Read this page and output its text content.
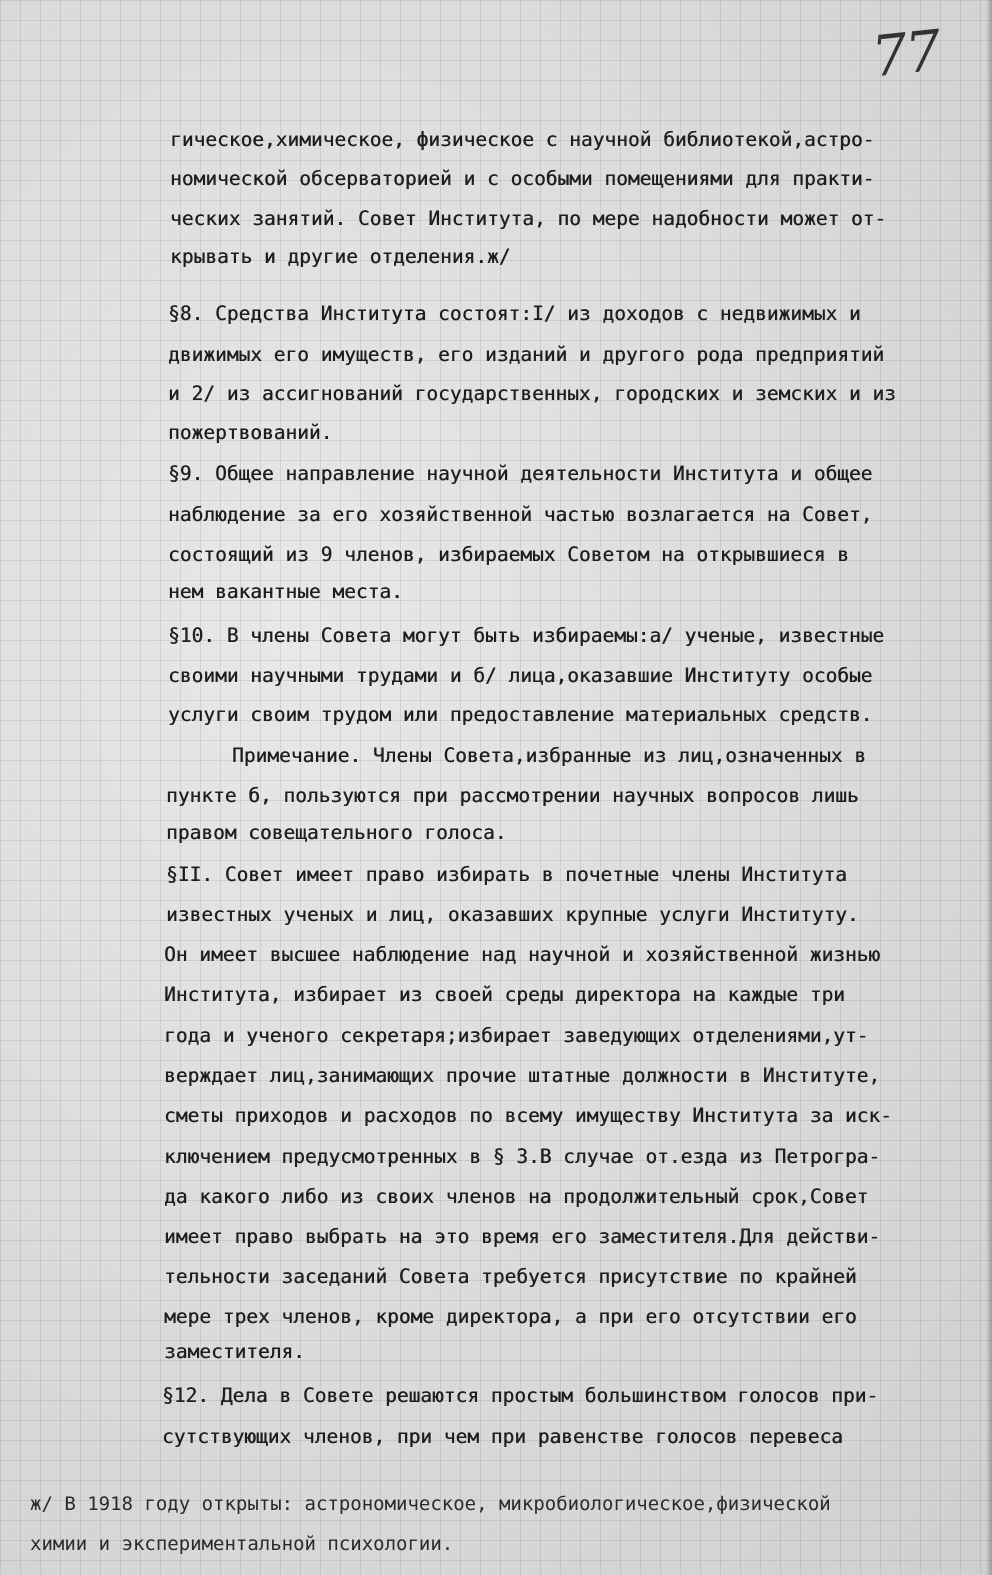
77
гическое,химическое, физическое с научной библиотекой,астро-
номической обсерваторией и с особыми помещениями для практи-
ческих занятий. Совет Института, по мере надобности может от-
крывать и другие отделения.ж/
§8. Средства Института состоят:I/ из доходов с недвижимых и
движимых его имуществ, его изданий и другого рода предприятий
и 2/ из ассигнований государственных, городских и земских и из
пожертвований.
§9. Общее направление научной деятельности Института и общее
наблюдение за его хозяйственной частью возлагается на Совет,
состоящий из 9 членов, избираемых Советом на открывшиеся в
нем вакантные места.
§10. В члены Совета могут быть избираемы:а/ ученые, известные
своими научными трудами и б/ лица,оказавшие Институту особые
услуги своим трудом или предоставление материальных средств.
Примечание. Члены Совета,избранные из лиц,означенных в
пункте б, пользуются при рассмотрении научных вопросов лишь
правом совещательного голоса.
§II. Совет имеет право избирать в почетные члены Института
известных ученых и лиц, оказавших крупные услуги Институту.
Он имеет высшее наблюдение над научной и хозяйственной жизнью
Института, избирает из своей среды директора на каждые три
года и ученого секретаря;избирает заведующих отделениями,ут-
верждает лиц,занимающих прочие штатные должности в Институте,
сметы приходов и расходов по всему имуществу Института за иск-
ключением предусмотренных в § 3.В случае от.езда из Петрогра-
да какого либо из своих членов на продолжительный срок,Совет
имеет право выбрать на это время его заместителя.Для действи-
тельности заседаний Совета требуется присутствие по крайней
мере трех членов, кроме директора, а при его отсутствии его
заместителя.
§12. Дела в Совете решаются простым большинством голосов при-
сутствующих членов, при чем при равенстве голосов перевеса
ж/ В 1918 году открыты: астрономическое, микробиологическое,физической
химии и экспериментальной психологии.
